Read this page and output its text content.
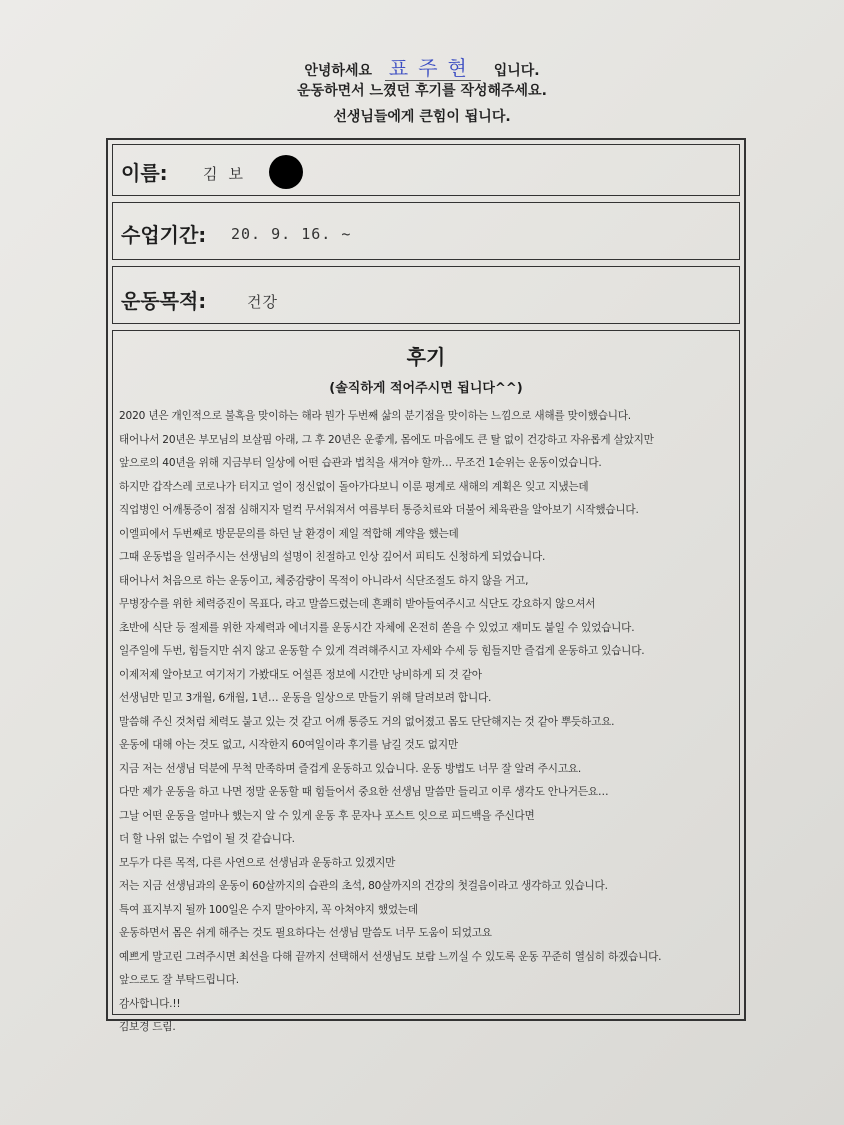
안녕하세요 표주현 입니다.
운동하면서 느꼈던 후기를 작성해주세요.
선생님들에게 큰힘이 됩니다.
이름: 김 보
수업기간: 20. 9. 16. ~
운동목적:	건강
후기
(솔직하게 적어주시면 됩니다^^)
2020 년은 개인적으로 불혹을 맞이하는 해라 뭔가 두번째 삶의 분기점을 맞이하는 느낌으로 새해를 맞이했습니다.
태어나서 20년은 부모님의 보살핌 아래, 그 후 20년은 운좋게, 몸에도 마음에도 큰 탈 없이 건강하고 자유롭게 살았지만
앞으로의 40년을 위해 지금부터 일상에 어떤 습관과 법칙을 새겨야 할까… 무조건 1순위는 운동이었습니다.
하지만 갑작스레 코로나가 터지고 얼이 정신없이 돌아가다보니 이룬 평계로 새해의 계획은 잊고 지냈는데
직업병인 어깨통증이 점점 심해지자 덜컥 무서워져서 여름부터 통증치료와 더불어 체육관을 알아보기 시작했습니다.
이엘피에서 두번째로 방문문의를 하던 날 환경이 제일 적합해 계약을 했는데
그때 운동법을 일러주시는 선생님의 설명이 친절하고 인상 깊어서 피티도 신청하게 되었습니다.
태어나서 처음으로 하는 운동이고, 체중감량이 목적이 아니라서 식단조절도 하지 않을 거고,
무병장수를 위한 체력증진이 목표다, 라고 말씀드렸는데 흔쾌히 받아들여주시고 식단도 강요하지 않으셔서
초반에 식단 등 절제를 위한 자제력과 에너지를 운동시간 자체에 온전히 쏟을 수 있었고 재미도 붙일 수 있었습니다.
일주일에 두번, 힘들지만 쉬지 않고 운동할 수 있게 격려해주시고 자세와 수세 등 힘들지만 즐겁게 운동하고 있습니다.
이제저제 알아보고 여기저기 가봤대도 어설픈 정보에 시간만 낭비하게 되 것 같아
선생님만 믿고 3개월, 6개월, 1년… 운동을 일상으로 만들기 위해 달려보려 합니다.
말씀해 주신 것처럼 체력도 붙고 있는 것 같고 어깨 통증도 거의 없어졌고 몸도 단단해지는 것 같아 뿌듯하고요.
운동에 대해 아는 것도 없고, 시작한지 60여일이라 후기를 남길 것도 없지만
지금 저는 선생님 덕분에 무척 만족하며 즐겁게 운동하고 있습니다. 운동 방법도 너무 잘 알려 주시고요.
다만 제가 운동을 하고 나면 정말 운동할 때 힘들어서 중요한 선생님 말씀만 들리고 이루 생각도 안나거든요…
그날 어떤 운동을 얼마나 했는지 알 수 있게 운동 후 문자나 포스트 잇으로 피드백을 주신다면
더 할 나위 없는 수업이 될 것 같습니다.
모두가 다른 목적, 다른 사연으로 선생님과 운동하고 있겠지만
저는 지금 선생님과의 운동이 60살까지의 습관의 초석, 80살까지의 건강의 첫걸음이라고 생각하고 있습니다.
특여 표지부지 될까 100일은 수지 말아야지, 꼭 아쳐야지 했었는데
운동하면서 몸은 쉬게 해주는 것도 필요하다는 선생님 말씀도 너무 도움이 되었고요
예쁘게 말고린 그려주시면 최선을 다해 끝까지 선택해서 선생님도 보람 느끼실 수 있도록 운동 꾸준히 열심히 하겠습니다.
앞으로도 잘 부탁드립니다.
감사합니다.!!
김보경 드림.
